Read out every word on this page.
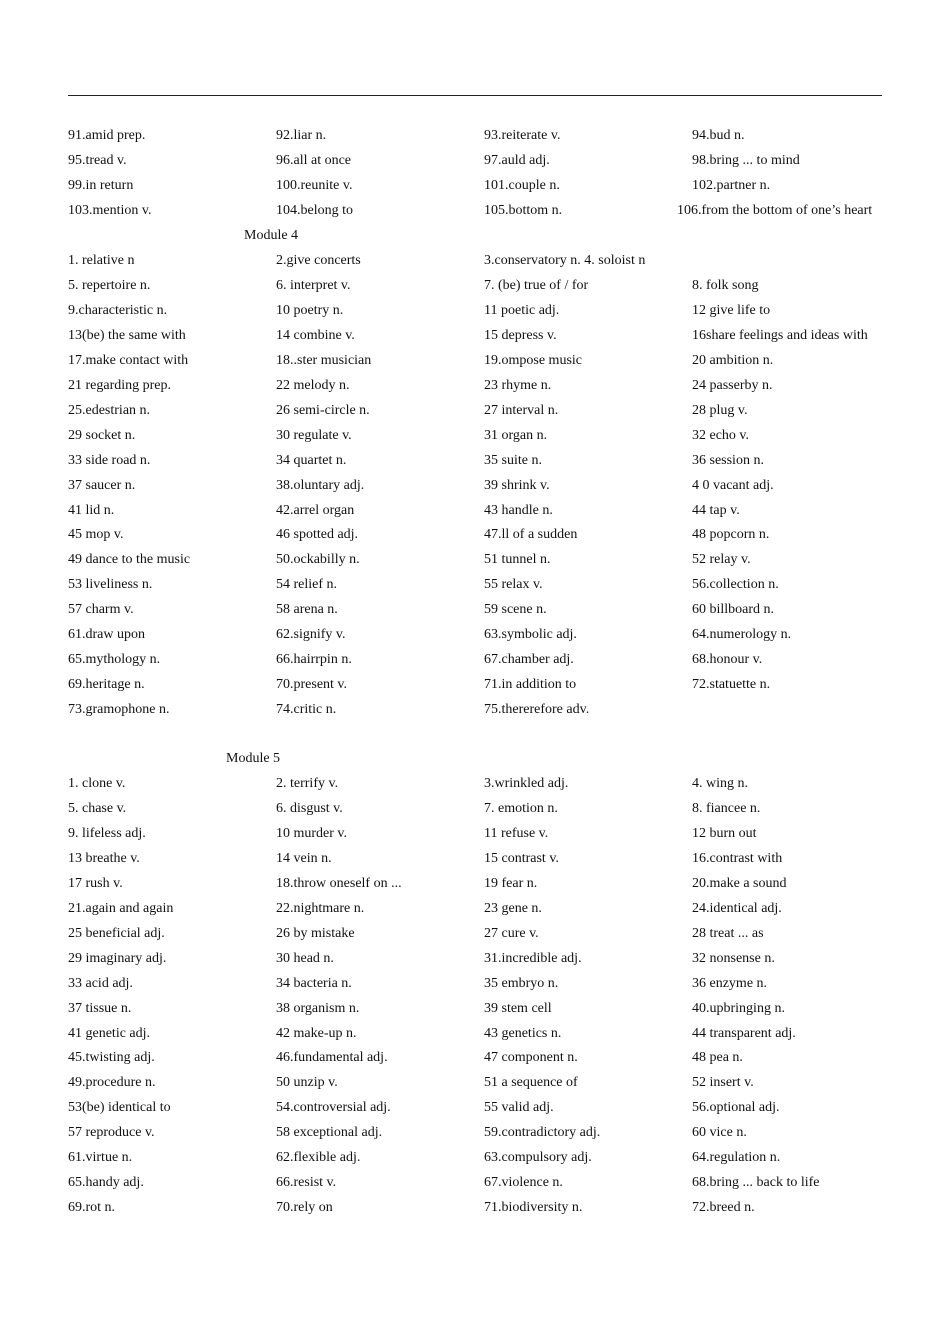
91.amid prep.	92.liar n.	93.reiterate v.	94.bud n.
95.tread v.	96.all at once	97.auld adj.	98.bring ... to mind
99.in return	100.reunite v.	101.couple n.	102.partner n.
103.mention v.	104.belong to	105.bottom n.	106.from the bottom of one’s heart
Module 4
1. relative n	2.give concerts	3.conservatory n. 4. soloist n
5. repertoire n.	6. interpret v.	7. (be) true of / for	8. folk song
9.characteristic n.	10 poetry n.	11 poetic adj.	12 give life to
13(be) the same with	14 combine v.	15 depress v.	16share feelings and ideas with
17.make contact with	18..ster musician	19.ompose music	20 ambition n.
21 regarding prep.	22 melody n.	23 rhyme n.	24 passerby n.
25.edestrian n.	26 semi-circle n.	27 interval n.	28 plug v.
29 socket n.	30 regulate v.	31 organ n.	32 echo v.
33 side road n.	34 quartet n.	35 suite n.	36 session n.
37 saucer n.	38.oluntary adj.	39 shrink v.	4 0 vacant adj.
41 lid n.	42.arrel organ	43 handle n.	44 tap v.
45 mop v.	46 spotted adj.	47.ll of a sudden	48 popcorn n.
49 dance to the music	50.ockabilly n.	51 tunnel n.	52 relay v.
53 liveliness n.	54 relief n.	55 relax v.	56.collection n.
57 charm v.	58 arena n.	59 scene n.	60 billboard n.
61.draw upon	62.signify v.	63.symbolic adj.	64.numerology n.
65.mythology n.	66.hairrpin n.	67.chamber adj.	68.honour v.
69.heritage n.	70.present v.	71.in addition to	72.statuette n.
73.gramophone n.	74.critic n.	75.thererefore adv.
Module 5
1. clone v.	2. terrify v.	3.wrinkled adj.	4. wing n.
5. chase v.	6. disgust v.	7. emotion n.	8. fiancee n.
9. lifeless adj.	10 murder v.	11 refuse v.	12 burn out
13 breathe v.	14 vein n.	15 contrast v.	16.contrast with
17 rush v.	18.throw oneself on ...	19 fear n.	20.make a sound
21.again and again	22.nightmare n.	23 gene n.	24.identical adj.
25 beneficial adj.	26 by mistake	27 cure v.	28 treat ... as
29 imaginary adj.	30 head n.	31.incredible adj.	32 nonsense n.
33 acid adj.	34 bacteria n.	35 embryo n.	36 enzyme n.
37 tissue n.	38 organism n.	39 stem cell	40.upbringing n.
41 genetic adj.	42 make-up n.	43 genetics n.	44 transparent adj.
45.twisting adj.	46.fundamental adj.	47 component n.	48 pea n.
49.procedure n.	50 unzip v.	51 a sequence of	52 insert v.
53(be) identical to	54.controversial adj.	55 valid adj.	56.optional adj.
57 reproduce v.	58 exceptional adj.	59.contradictory adj.	60 vice n.
61.virtue n.	62.flexible adj.	63.compulsory adj.	64.regulation n.
65.handy adj.	66.resist v.	67.violence n.	68.bring ... back to life
69.rot n.	70.rely on	71.biodiversity n.	72.breed n.
